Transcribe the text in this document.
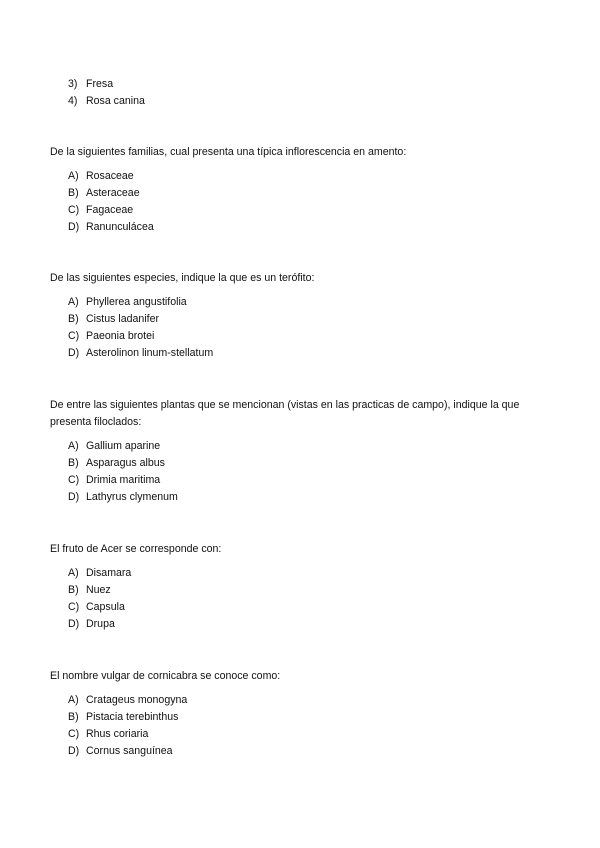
3) Fresa
4) Rosa canina

De la siguientes familias, cual presenta una típica inflorescencia en amento:

A) Rosaceae
B) Asteraceae
C) Fagaceae
D) Ranunculácea

De las siguientes especies, indique la que es un terófito:

A) Phyllerea angustifolia
B) Cistus ladanifer
C) Paeonia brotei
D) Asterolinon linum-stellatum

De entre las siguientes plantas que se mencionan (vistas en las practicas de campo), indique la que presenta filoclados:

A) Gallium aparine
B) Asparagus albus
C) Drimia maritima
D) Lathyrus clymenum

El fruto de Acer se corresponde con:

A) Disamara
B) Nuez
C) Capsula
D) Drupa

El nombre vulgar de cornicabra se conoce como:

A) Cratageus monogyna
B) Pistacia terebinthus
C) Rhus coriaria
D) Cornus sanguínea
